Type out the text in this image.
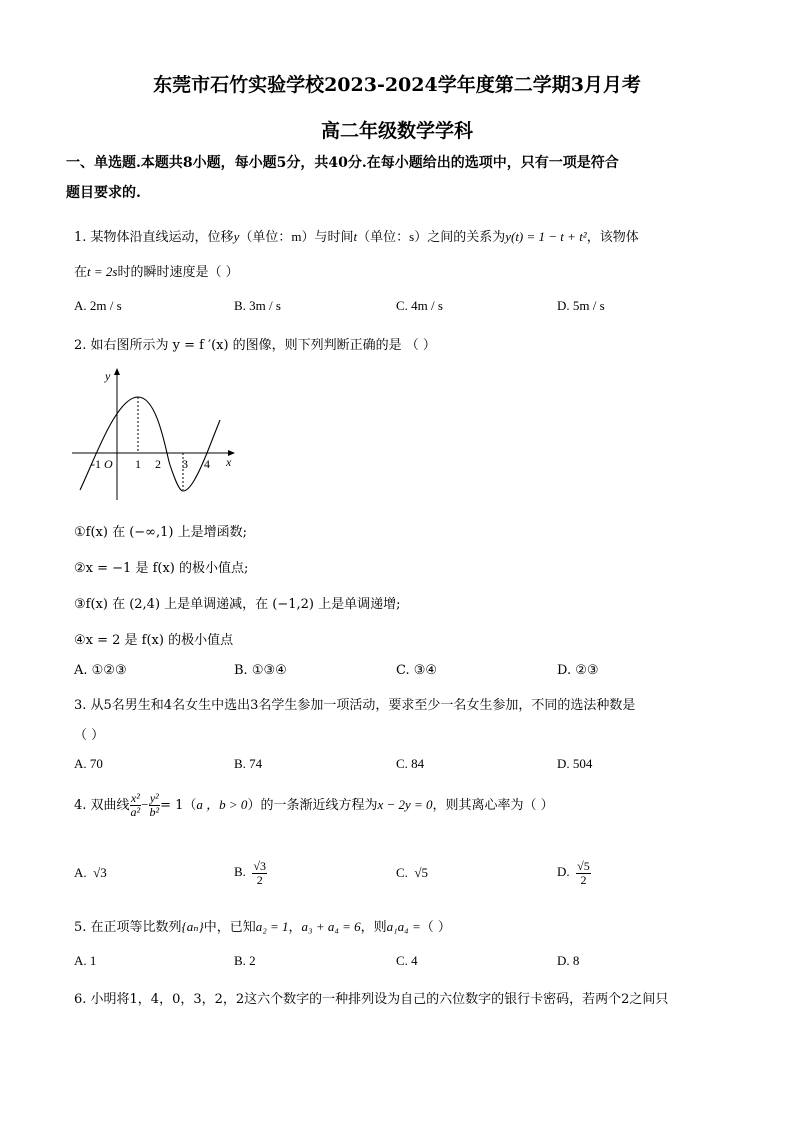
东莞市石竹实验学校2023-2024学年度第二学期3月月考
高二年级数学学科
一、单选题.本题共8小题，每小题5分，共40分.在每小题给出的选项中，只有一项是符合
题目要求的.
1. 某物体沿直线运动，位移y（单位：m）与时间t（单位：s）之间的关系为y(t) = 1 − t + t²，该物体
在t = 2s时的瞬时速度是（ ）
A. 2m / s	B. 3m / s	C. 4m / s	D. 5m / s
2. 如右图所示为 y = f ′(x) 的图像，则下列判断正确的是 （ ）
y
x
-1 O 1 2 3 4
①f(x) 在 (−∞,1) 上是增函数;
②x = −1 是 f(x) 的极小值点;
③f(x) 在 (2,4) 上是单调递减，在 (−1,2) 上是单调递增;
④x = 2 是 f(x) 的极小值点
A. ①②③	B. ①③④	C. ③④	D. ②③
3. 从5名男生和4名女生中选出3名学生参加一项活动，要求至少一名女生参加，不同的选法种数是
（ ）
A. 70	B. 74	C. 84	D. 504
4. 双曲线 $\frac{\text{x²}}{\text{a²}} - \frac{\text{y²}}{\text{b²}} = 1(a$ ，b > 0）的一条渐近线方程为x − 2y = 0，则其离心率为（ ）
A. √3	B. $\frac{√3}{2}$	C. √5	D. $\frac{√5}{2}$
5. 在正项等比数列{aₙ}中，已知a₂ = 1，a₃ + a₄ = 6，则a₁a₄ =（ ）
A. 1	B. 2	C. 4	D. 8
6. 小明将1，4，0，3，2，2这六个数字的一种排列设为自己的六位数字的银行卡密码，若两个2之间只
